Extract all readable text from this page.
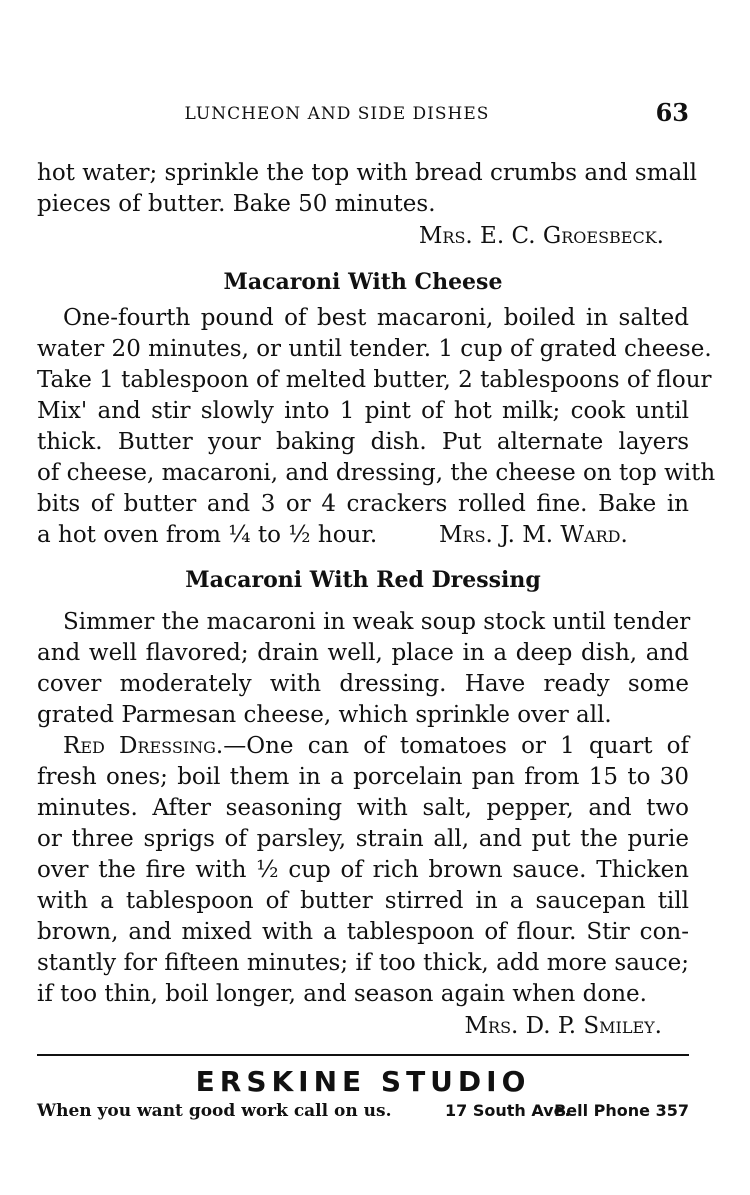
LUNCHEON AND SIDE DISHES	63
hot water; sprinkle the top with bread crumbs and small
pieces of butter. Bake 50 minutes.
Mrs. E. C. Groesbeck.
Macaroni With Cheese
One-fourth pound of best macaroni, boiled in salted
water 20 minutes, or until tender. 1 cup of grated cheese.
Take 1 tablespoon of melted butter, 2 tablespoons of flour
Mix' and stir slowly into 1 pint of hot milk; cook until
thick. Butter your baking dish. Put alternate layers
of cheese, macaroni, and dressing, the cheese on top with
bits of butter and 3 or 4 crackers rolled fine. Bake in
a hot oven from ¼ to ½ hour.	Mrs. J. M. Ward.
Macaroni With Red Dressing
Simmer the macaroni in weak soup stock until tender
and well flavored; drain well, place in a deep dish, and
cover moderately with dressing. Have ready some
grated Parmesan cheese, which sprinkle over all.
Red Dressing.—One can of tomatoes or 1 quart of
fresh ones; boil them in a porcelain pan from 15 to 30
minutes. After seasoning with salt, pepper, and two
or three sprigs of parsley, strain all, and put the purie
over the fire with ½ cup of rich brown sauce. Thicken
with a tablespoon of butter stirred in a saucepan till
brown, and mixed with a tablespoon of flour. Stir con-
stantly for fifteen minutes; if too thick, add more sauce;
if too thin, boil longer, and season again when done.
Mrs. D. P. Smiley.
ERSKINE STUDIO
When you want good work call on us.	17 South Ave.
Bell Phone 357
